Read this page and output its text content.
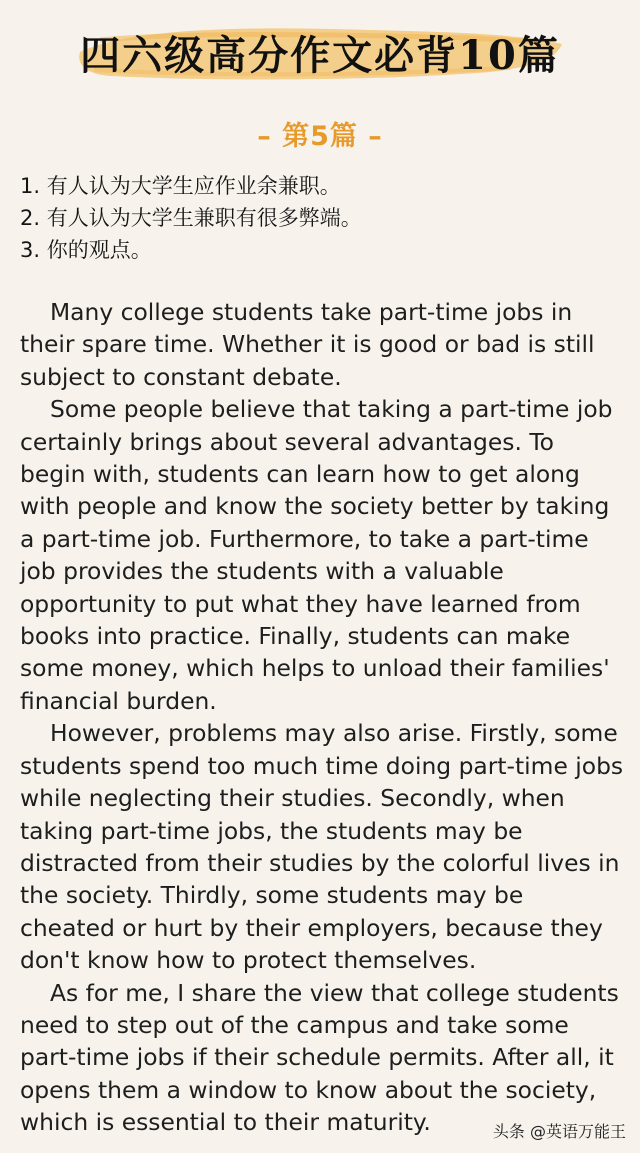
四六级高分作文必背10篇
– 第5篇 –
1. 有人认为大学生应作业余兼职。
2. 有人认为大学生兼职有很多弊端。
3. 你的观点。

Many college students take part-time jobs in their spare time. Whether it is good or bad is still subject to constant debate.

Some people believe that taking a part-time job certainly brings about several advantages. To begin with, students can learn how to get along with people and know the society better by taking a part-time job. Furthermore, to take a part-time job provides the students with a valuable opportunity to put what they have learned from books into practice. Finally, students can make some money, which helps to unload their families' financial burden.

However, problems may also arise. Firstly, some students spend too much time doing part-time jobs while neglecting their studies. Secondly, when taking part-time jobs, the students may be distracted from their studies by the colorful lives in the society. Thirdly, some students may be cheated or hurt by their employers, because they don't know how to protect themselves.

As for me, I share the view that college students need to step out of the campus and take some part-time jobs if their schedule permits. After all, it opens them a window to know about the society, which is essential to their maturity.	头条 @英语万能王
